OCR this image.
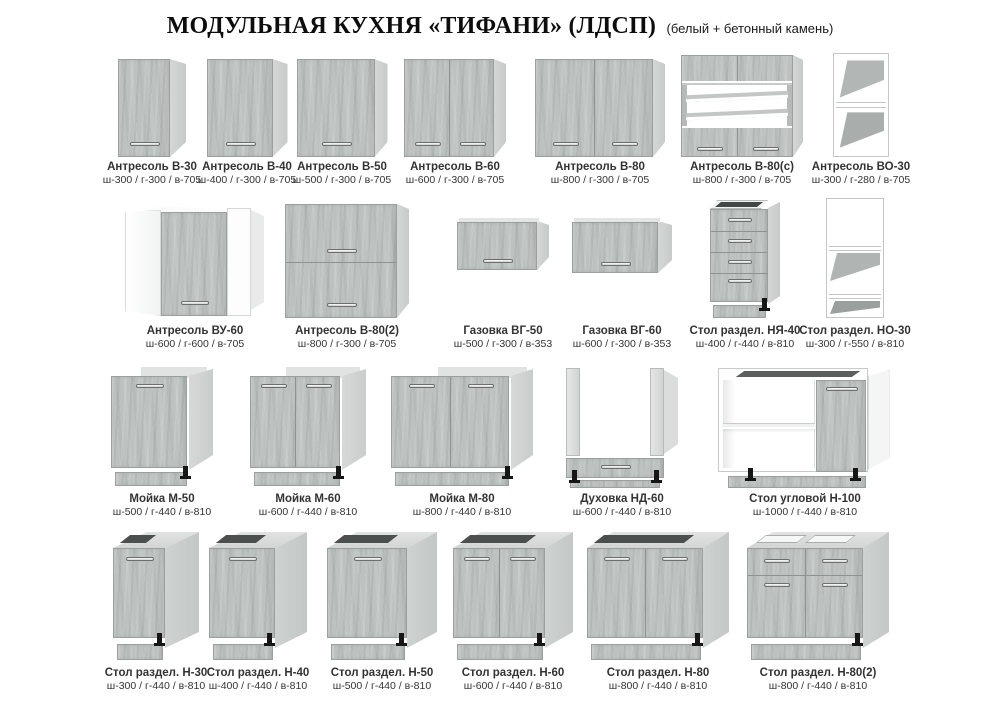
МОДУЛЬНАЯ КУХНЯ «ТИФАНИ» (ЛДСП) (белый + бетонный камень)
Антресоль В-30
ш-300 / г-300 / в-705
Антресоль В-40
ш-400 / г-300 / в-705
Антресоль В-50
ш-500 / г-300 / в-705
Антресоль В-60
ш-600 / г-300 / в-705
Антресоль В-80
ш-800 / г-300 / в-705
Антресоль В-80(с)
ш-800 / г-300 / в-705
Антресоль ВО-30
ш-300 / г-280 / в-705
Антресоль ВУ-60
ш-600 / г-600 / в-705
Антресоль В-80(2)
ш-800 / г-300 / в-705
Газовка ВГ-50
ш-500 / г-300 / в-353
Газовка ВГ-60
ш-600 / г-300 / в-353
Стол раздел. НЯ-40
ш-400 / г-440 / в-810
Стол раздел. НО-30
ш-300 / г-550 / в-810
Мойка М-50
ш-500 / г-440 / в-810
Мойка М-60
ш-600 / г-440 / в-810
Мойка М-80
ш-800 / г-440 / в-810
Духовка НД-60
ш-600 / г-440 / в-810
Стол угловой Н-100
ш-1000 / г-440 / в-810
Стол раздел. Н-30
ш-300 / г-440 / в-810
Стол раздел. Н-40
ш-400 / г-440 / в-810
Стол раздел. Н-50
ш-500 / г-440 / в-810
Стол раздел. Н-60
ш-600 / г-440 / в-810
Стол раздел. Н-80
ш-800 / г-440 / в-810
Стол раздел. Н-80(2)
ш-800 / г-440 / в-810
